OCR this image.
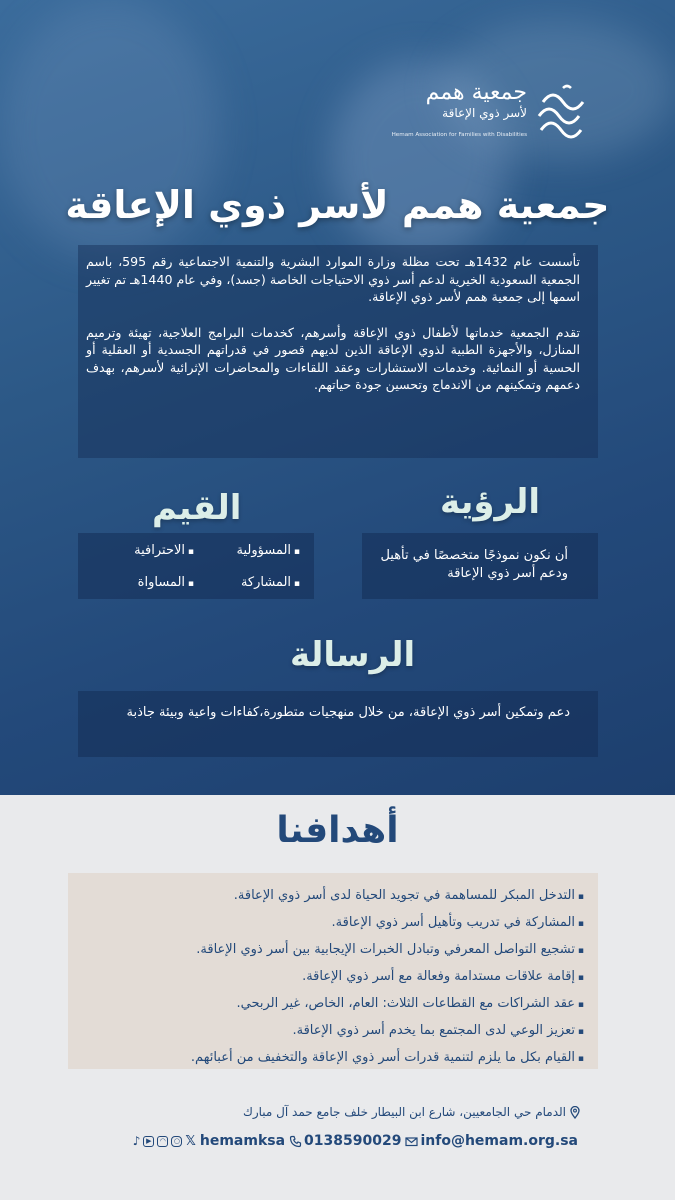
جمعية همم
لأسر ذوي الإعاقة
Hemam Association for Families with Disabilities
جمعية همم لأسر ذوي الإعاقة

تأسست عام 1432هـ تحت مظلة وزارة الموارد البشرية والتنمية الاجتماعية رقم 595، باسم الجمعية السعودية الخيرية لدعم أسر ذوي الاحتياجات الخاصة (جسد)، وفي عام 1440هـ تم تغيير اسمها إلى جمعية همم لأسر ذوي الإعاقة.

تقدم الجمعية خدماتها لأطفال ذوي الإعاقة وأسرهم، كخدمات البرامج العلاجية، تهيئة وترميم المنازل، والأجهزة الطبية لذوي الإعاقة الذين لديهم قصور في قدراتهم الجسدية أو العقلية أو الحسية أو النمائية. وخدمات الاستشارات وعقد اللقاءات والمحاضرات الإثرائية لأسرهم، بهدف دعمهم وتمكينهم من الاندماج وتحسين جودة حياتهم.

الرؤية
القيم
أن نكون نموذجًا متخصصًا في تأهيل ودعم أسر ذوي الإعاقة
▪ المسؤولية
▪ الاحترافية
▪ المشاركة
▪ المساواة
الرسالة
دعم وتمكين أسر ذوي الإعاقة، من خلال منهجيات متطورة،كفاءات واعية وبيئة جاذبة
أهدافنا
▪ التدخل المبكر للمساهمة في تجويد الحياة لدى أسر ذوي الإعاقة.
▪ المشاركة في تدريب وتأهيل أسر ذوي الإعاقة.
▪ تشجيع التواصل المعرفي وتبادل الخبرات الإيجابية بين أسر ذوي الإعاقة.
▪ إقامة علاقات مستدامة وفعالة مع أسر ذوي الإعاقة.
▪ عقد الشراكات مع القطاعات الثلاث: العام، الخاص، غير الربحي.
▪ تعزيز الوعي لدى المجتمع بما يخدم أسر ذوي الإعاقة.
▪ القيام بكل ما يلزم لتنمية قدرات أسر ذوي الإعاقة والتخفيف من أعبائهم.
الدمام حي الجامعيين، شارع ابن البيطار خلف جامع حمد آل مبارك
♪ ▶	◠	○ 𝕏 hemamksa 0138590029 info@hemam.org.sa
